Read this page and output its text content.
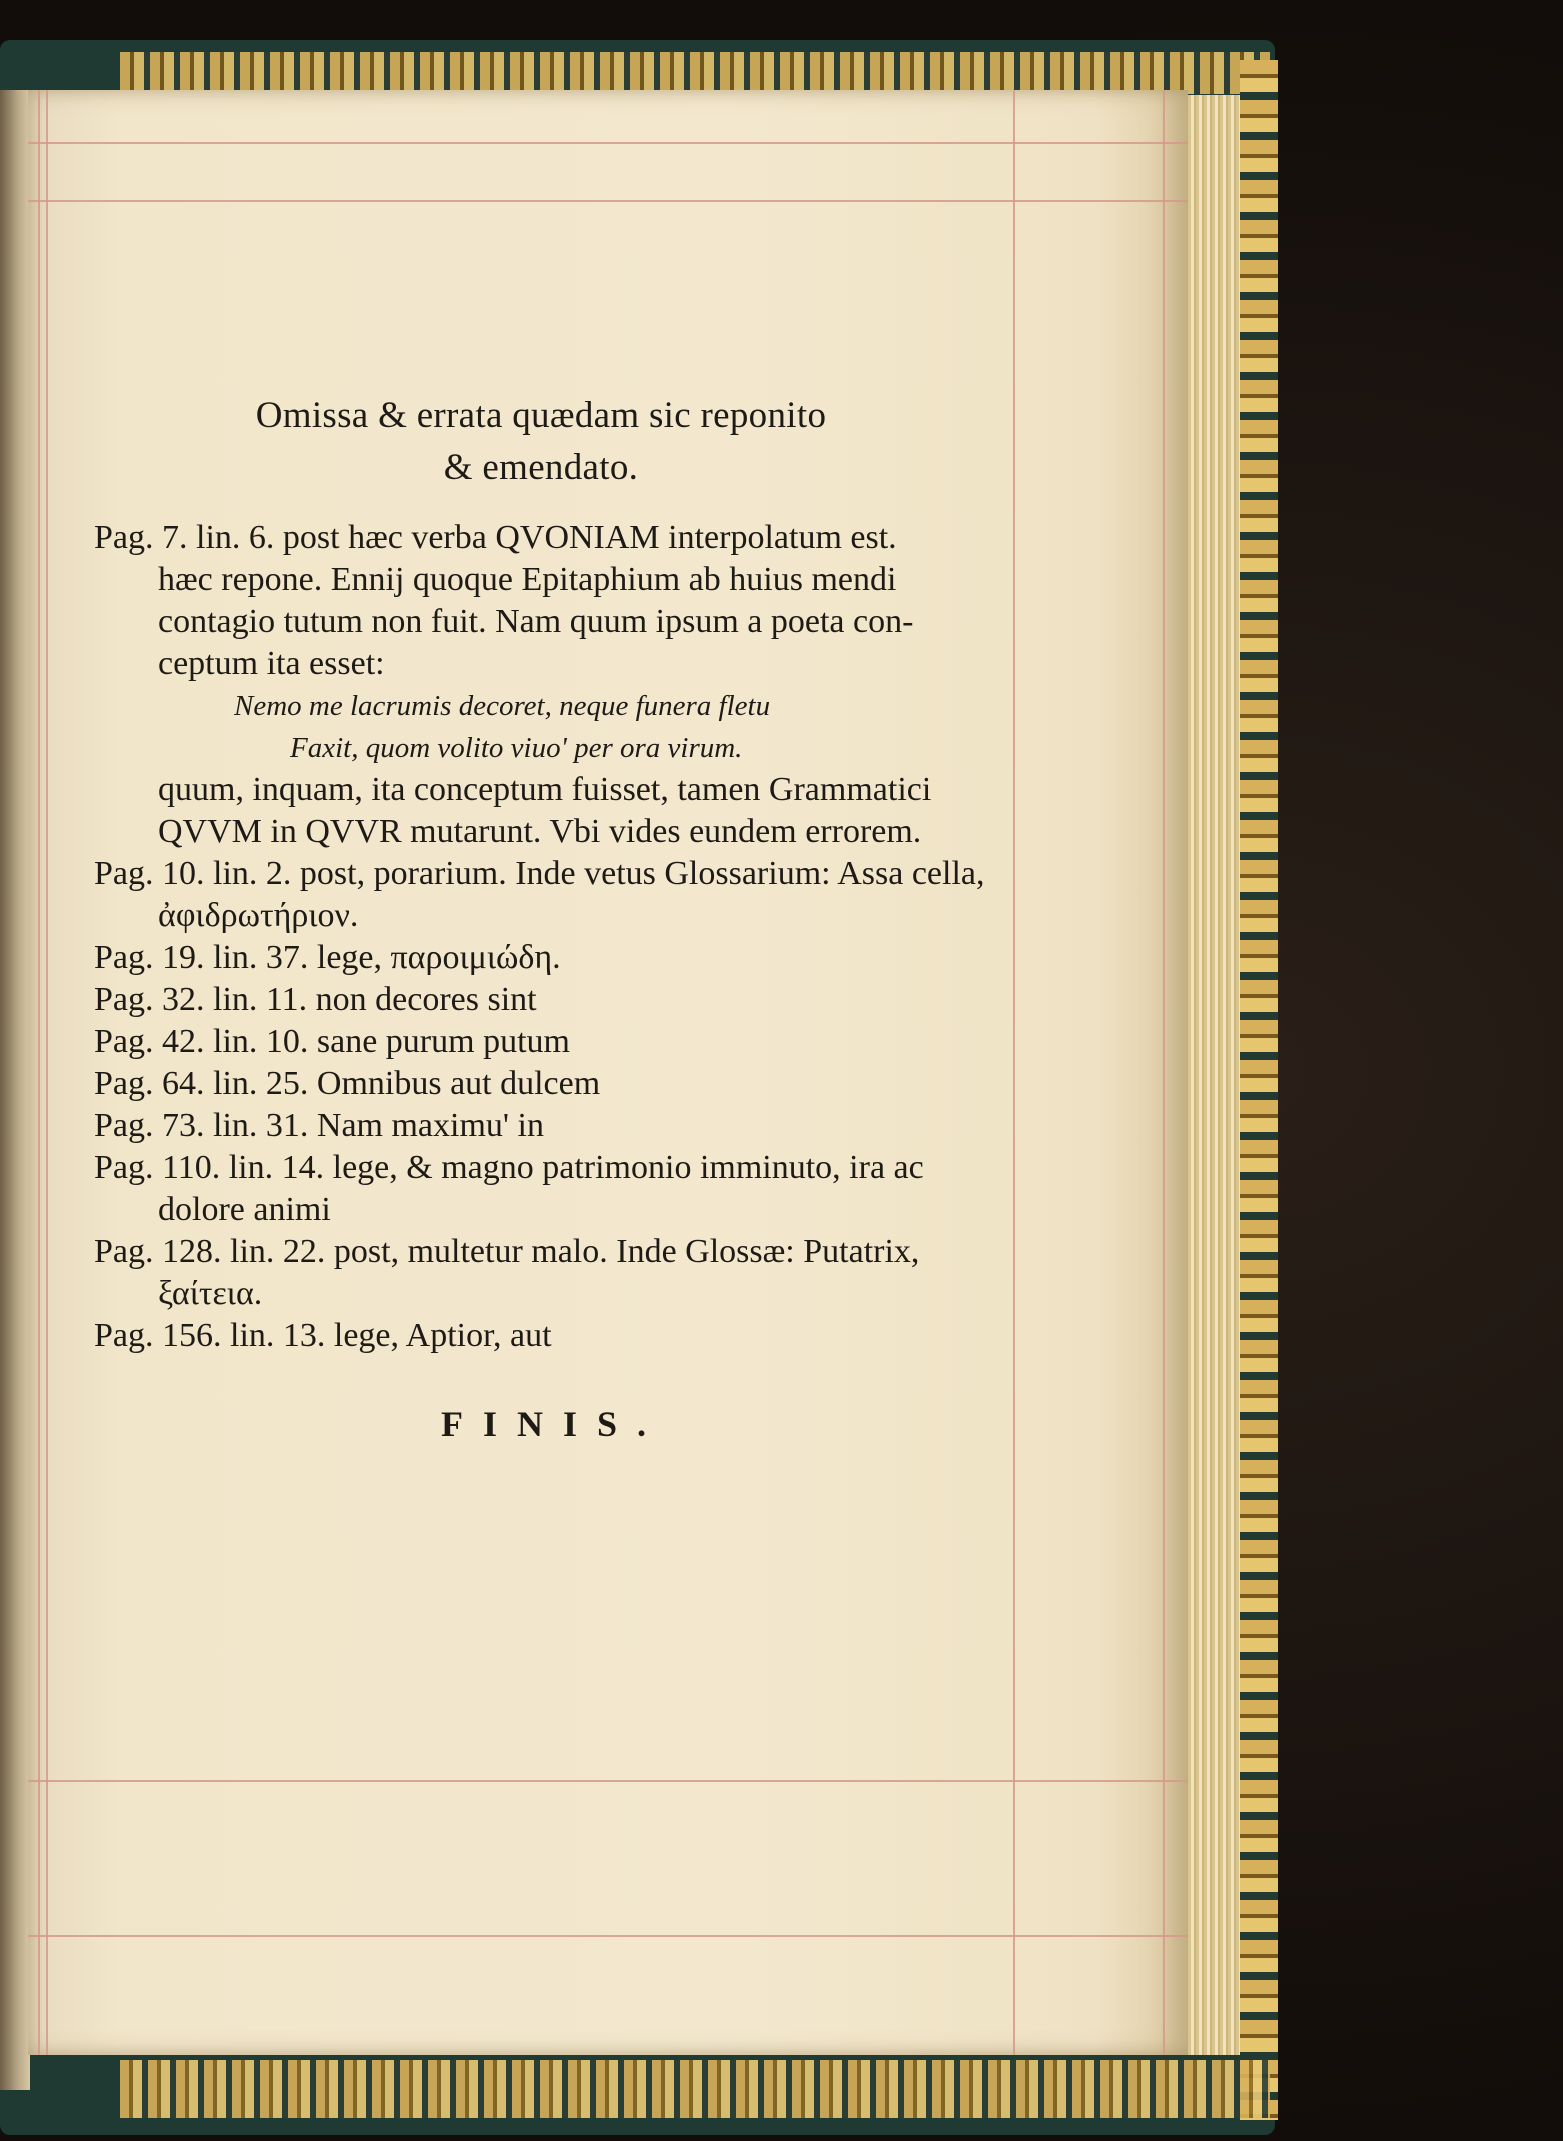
Omissa & errata quædam sic reponito
& emendato.
Pag. 7. lin. 6. post hæc verba QVONIAM interpolatum est.
hæc repone. Ennij quoque Epitaphium ab huius mendi
contagio tutum non fuit. Nam quum ipsum a poeta con-
ceptum ita esset:
Nemo me lacrumis decoret, neque funera fletu
Faxit, quom volito viuo' per ora virum.
quum, inquam, ita conceptum fuisset, tamen Grammatici
QVVM in QVVR mutarunt. Vbi vides eundem errorem.
Pag. 10. lin. 2. post, porarium. Inde vetus Glossarium: Assa cella,
ἀφιδρωτήριον.
Pag. 19. lin. 37. lege, παροιμιώδη.
Pag. 32. lin. 11. non decores sint
Pag. 42. lin. 10. sane purum putum
Pag. 64. lin. 25. Omnibus aut dulcem
Pag. 73. lin. 31. Nam maximu' in
Pag. 110. lin. 14. lege, & magno patrimonio imminuto, ira ac
dolore animi
Pag. 128. lin. 22. post, multetur malo. Inde Glossæ: Putatrix,
ξαίτεια.
Pag. 156. lin. 13. lege, Aptior, aut
FINIS.
